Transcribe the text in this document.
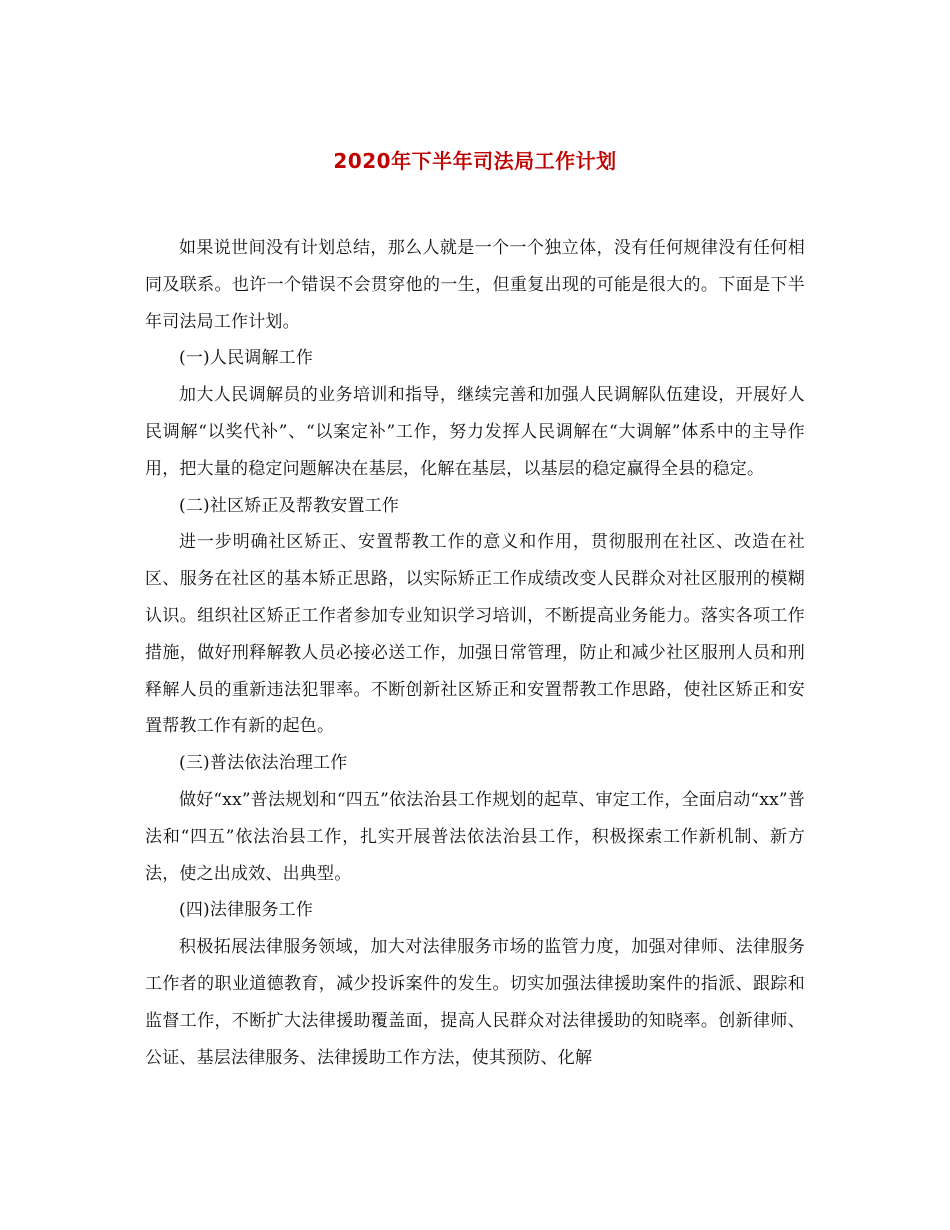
2020年下半年司法局工作计划

如果说世间没有计划总结，那么人就是一个一个独立体，没有任何规律没有任何相同及联系。也许一个错误不会贯穿他的一生，但重复出现的可能是很大的。下面是下半年司法局工作计划。

(一)人民调解工作

加大人民调解员的业务培训和指导，继续完善和加强人民调解队伍建设，开展好人民调解“以奖代补”、“以案定补”工作，努力发挥人民调解在“大调解”体系中的主导作用，把大量的稳定问题解决在基层，化解在基层，以基层的稳定赢得全县的稳定。

(二)社区矫正及帮教安置工作

进一步明确社区矫正、安置帮教工作的意义和作用，贯彻服刑在社区、改造在社区、服务在社区的基本矫正思路，以实际矫正工作成绩改变人民群众对社区服刑的模糊认识。组织社区矫正工作者参加专业知识学习培训，不断提高业务能力。落实各项工作措施，做好刑释解教人员必接必送工作，加强日常管理，防止和减少社区服刑人员和刑释解人员的重新违法犯罪率。不断创新社区矫正和安置帮教工作思路，使社区矫正和安置帮教工作有新的起色。

(三)普法依法治理工作

做好“xx”普法规划和“四五”依法治县工作规划的起草、审定工作，全面启动“xx”普法和“四五”依法治县工作，扎实开展普法依法治县工作，积极探索工作新机制、新方法，使之出成效、出典型。

(四)法律服务工作

积极拓展法律服务领域，加大对法律服务市场的监管力度，加强对律师、法律服务工作者的职业道德教育，减少投诉案件的发生。切实加强法律援助案件的指派、跟踪和监督工作，不断扩大法律援助覆盖面，提高人民群众对法律援助的知晓率。创新律师、公证、基层法律服务、法律援助工作方法，使其预防、化解
